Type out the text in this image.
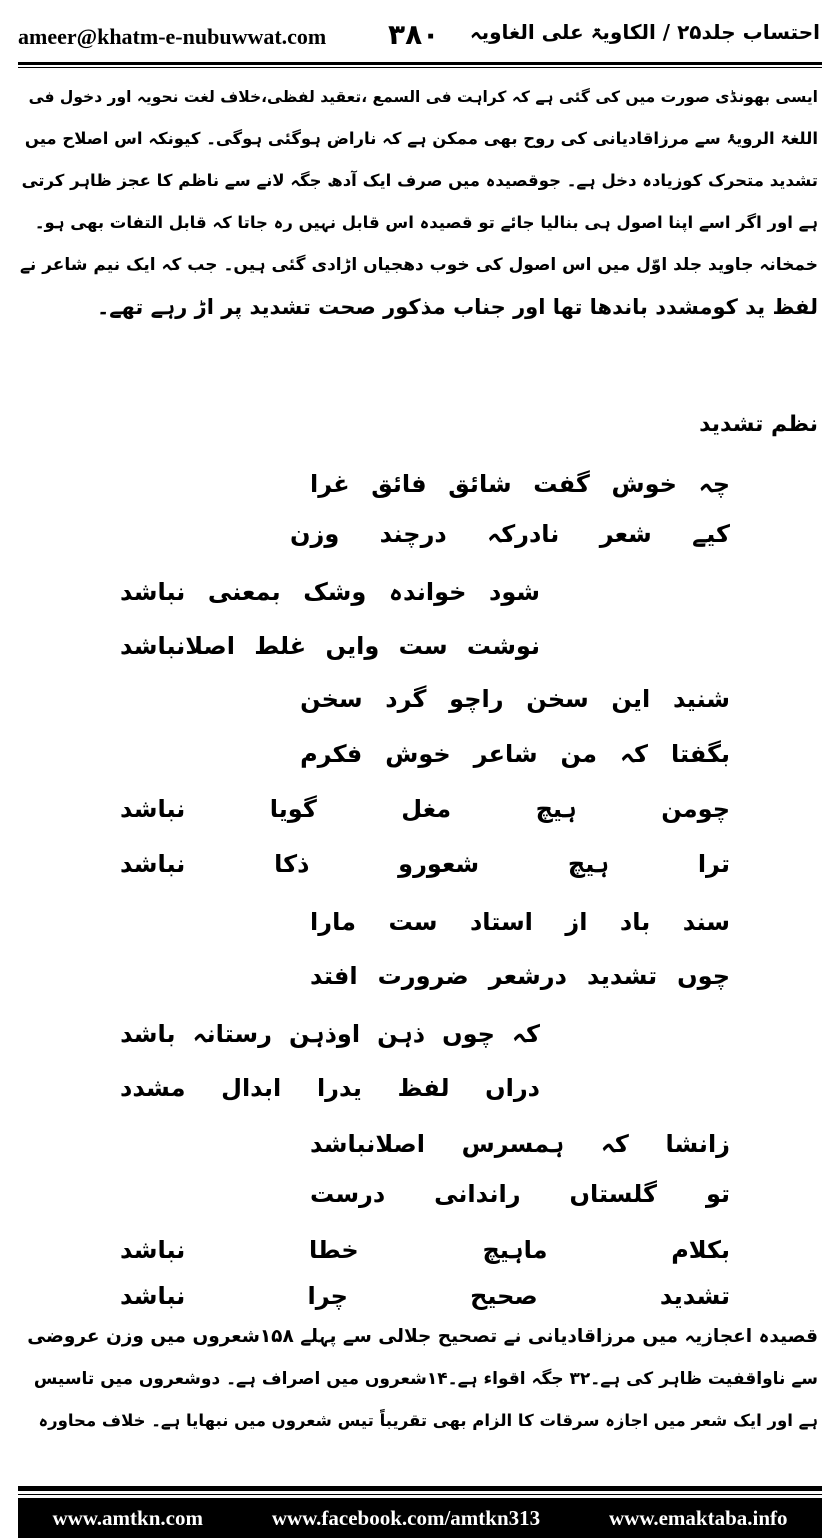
ameer@khatm-e-nubuwwat.com ۳۸۰ احتساب جلد۲۵ / الکاویۃ علی الغاویہ
ایسی بھونڈی صورت میں کی گئی ہے کہ کراہت فی السمع ،تعقید لفظی،خلاف لغت نحویہ اور دخول فی
اللغۃ الرویۂ سے مرزاقادیانی کی روح بھی ممکن ہے کہ ناراض ہوگئی ہوگی۔ کیونکہ اس اصلاح میں
تشدید متحرک کوزیادہ دخل ہے۔ جوقصیدہ میں صرف ایک آدھ جگہ لانے سے ناظم کا عجز ظاہر کرتی
ہے اور اگر اسے اپنا اصول ہی بنالیا جائے تو قصیدہ اس قابل نہیں رہ جاتا کہ قابل التفات بھی ہو۔
خمخانہ جاوید جلد اوّل میں اس اصول کی خوب دھجیاں اڑادی گئی ہیں۔ جب کہ ایک نیم شاعر نے
لفظ ید کومشدد باندھا تھا اور جناب مذکور صحت تشدید پر اڑ رہے تھے۔
نظم تشدید
چہ
خوش
گفت
شائق
فائق
غرا
کیے
شعر
نادرکہ
درچند
وزن
شود
خواندہ
وشک
بمعنی
نباشد
نوشت
ست
وایں
غلط
اصلانباشد
شنید
این
سخن
راچو
گرد
سخن
بگفتا
کہ
من
شاعر
خوش
فکرم
چومن
ہیچ
مغل
گویا
نباشد
ترا
ہیچ
شعورو
ذکا
نباشد
سند
باد
از
استاد
ست
مارا
چوں
تشدید
درشعر
ضرورت
افتد
کہ
چوں
ذہن
اوذہن
رستانہ
باشد
دراں
لفظ
یدرا
ابدال
مشدد
زانشا
کہ
ہمسرس
اصلانباشد
تو
گلستاں
راندانی
درست
بکلام
ماہیچ
خطا
نباشد
تشدید
صحیح
چرا
نباشد
قصیدہ اعجازیہ میں مرزاقادیانی نے تصحیح جلالی سے پہلے ۱۵۸شعروں میں وزن عروضی
سے ناواقفیت ظاہر کی ہے۔۳۲ جگہ اقواء ہے۔۱۴شعروں میں اصراف ہے۔ دوشعروں میں تاسیس
ہے اور ایک شعر میں اجازہ سرقات کا الزام بھی تقریباً تیس شعروں میں نبھایا ہے۔ خلاف محاورہ
www.amtkn.com	www.facebook.com/amtkn313	www.emaktaba.info
